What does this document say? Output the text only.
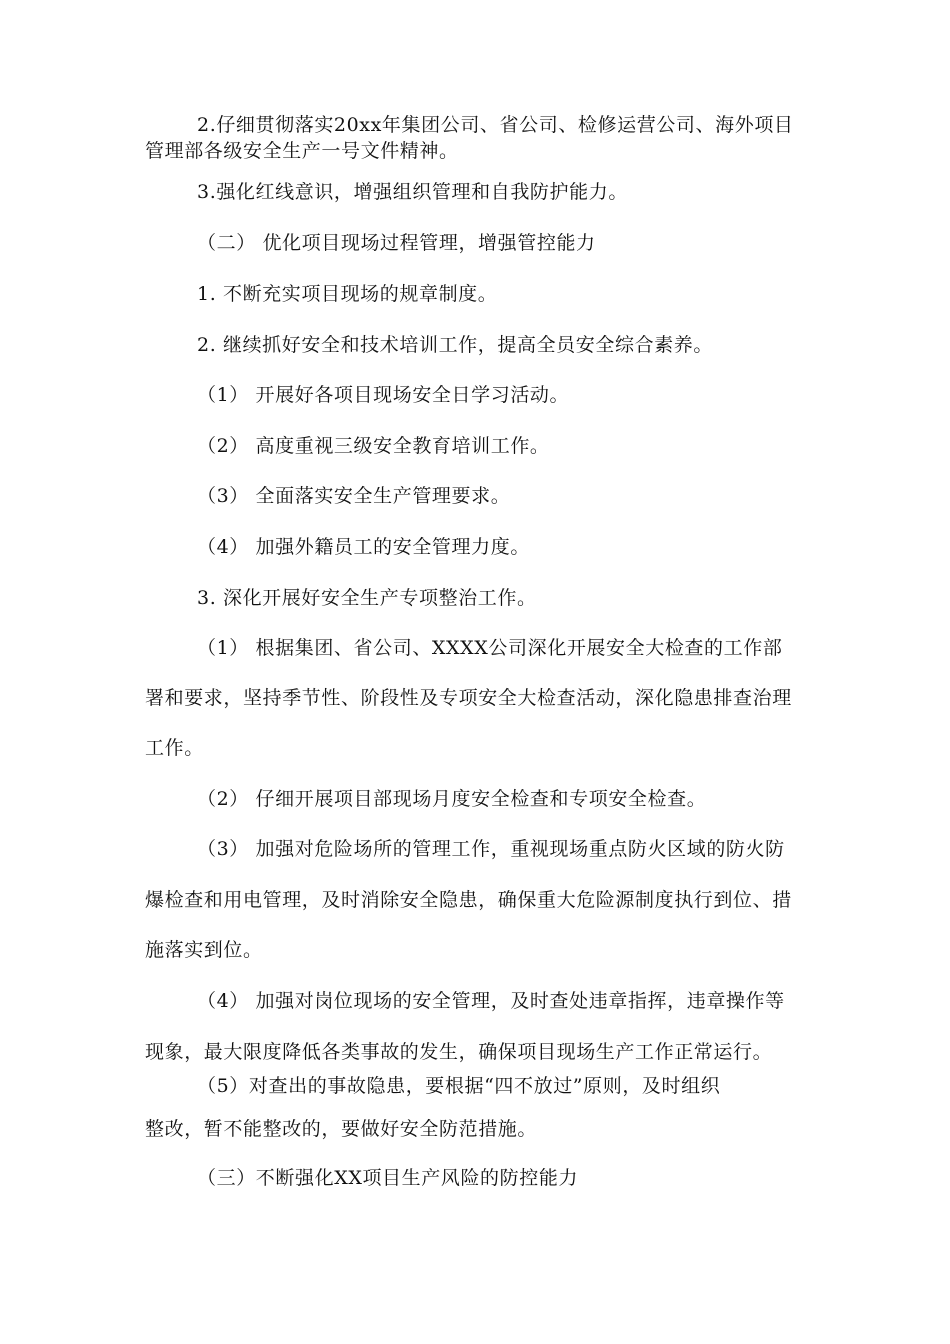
2.仔细贯彻落实20xx年集团公司、省公司、检修运营公司、海外项目
管理部各级安全生产一号文件精神。
3.强化红线意识，增强组织管理和自我防护能力。
（二） 优化项目现场过程管理，增强管控能力
1. 不断充实项目现场的规章制度。
2. 继续抓好安全和技术培训工作，提高全员安全综合素养。
（1） 开展好各项目现场安全日学习活动。
（2） 高度重视三级安全教育培训工作。
（3） 全面落实安全生产管理要求。
（4） 加强外籍员工的安全管理力度。
3. 深化开展好安全生产专项整治工作。
（1） 根据集团、省公司、XXXX公司深化开展安全大检查的工作部
署和要求，坚持季节性、阶段性及专项安全大检查活动，深化隐患排查治理
工作。
（2） 仔细开展项目部现场月度安全检查和专项安全检查。
（3） 加强对危险场所的管理工作，重视现场重点防火区域的防火防
爆检查和用电管理，及时消除安全隐患，确保重大危险源制度执行到位、措
施落实到位。
（4） 加强对岗位现场的安全管理，及时查处违章指挥，违章操作等
现象，最大限度降低各类事故的发生，确保项目现场生产工作正常运行。
（5）对查出的事故隐患，要根据“四不放过”原则，及时组织
整改，暂不能整改的，要做好安全防范措施。
（三）不断强化XX项目生产风险的防控能力
